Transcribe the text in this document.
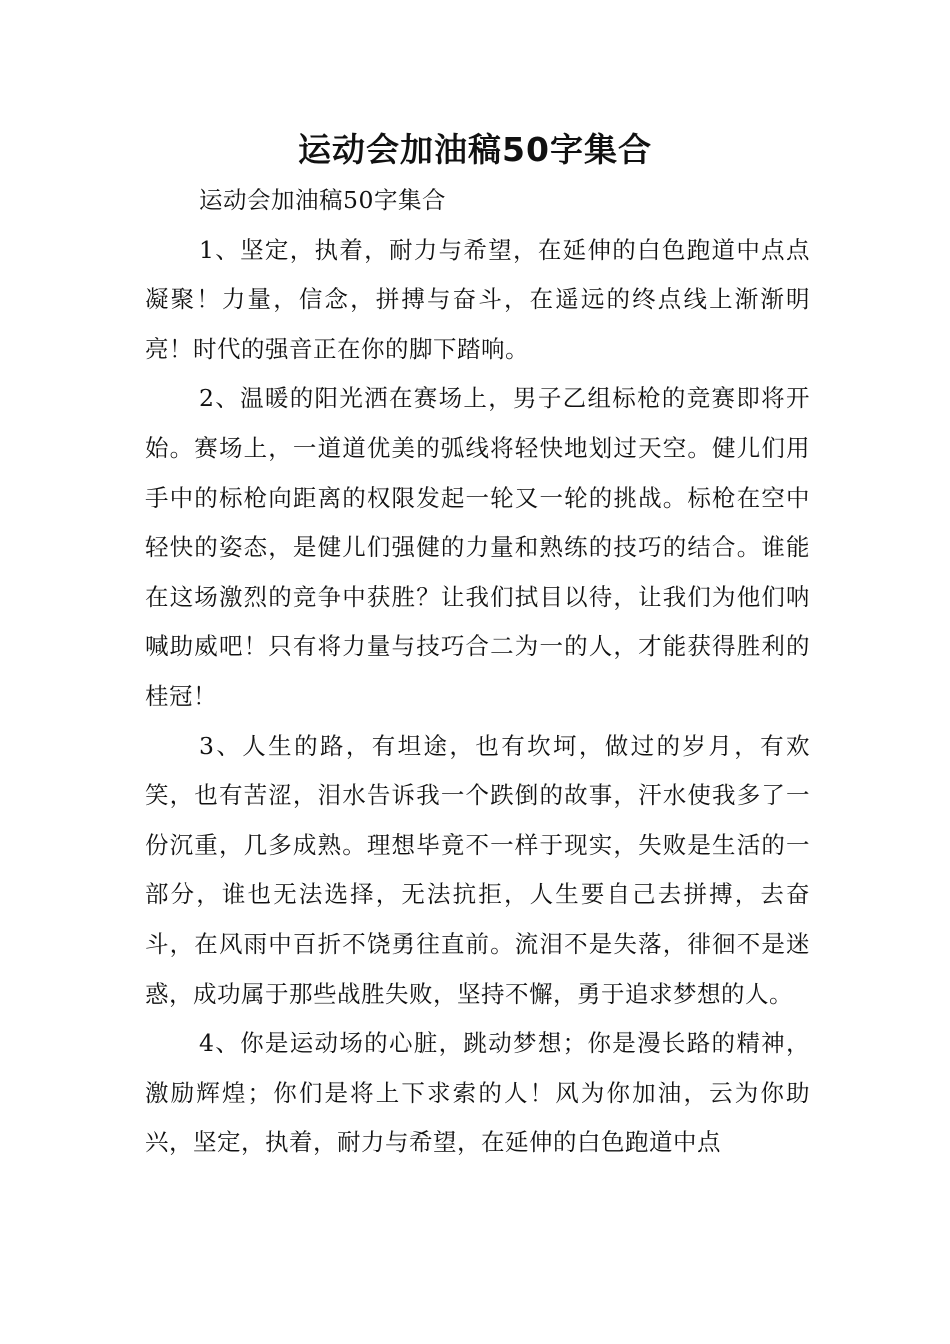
运动会加油稿50字集合

运动会加油稿50字集合

1、坚定，执着，耐力与希望，在延伸的白色跑道中点点凝聚！力量，信念，拼搏与奋斗，在遥远的终点线上渐渐明亮！时代的强音正在你的脚下踏响。

2、温暖的阳光洒在赛场上，男子乙组标枪的竞赛即将开始。赛场上，一道道优美的弧线将轻快地划过天空。健儿们用手中的标枪向距离的权限发起一轮又一轮的挑战。标枪在空中轻快的姿态，是健儿们强健的力量和熟练的技巧的结合。谁能在这场激烈的竞争中获胜？让我们拭目以待，让我们为他们呐喊助威吧！只有将力量与技巧合二为一的人，才能获得胜利的桂冠！

3、人生的路，有坦途，也有坎坷，做过的岁月，有欢笑，也有苦涩，泪水告诉我一个跌倒的故事，汗水使我多了一份沉重，几多成熟。理想毕竟不一样于现实，失败是生活的一部分，谁也无法选择，无法抗拒，人生要自己去拼搏，去奋斗，在风雨中百折不饶勇往直前。流泪不是失落，徘徊不是迷惑，成功属于那些战胜失败，坚持不懈，勇于追求梦想的人。

4、你是运动场的心脏，跳动梦想；你是漫长路的精神，激励辉煌；你们是将上下求索的人！风为你加油，云为你助兴，坚定，执着，耐力与希望，在延伸的白色跑道中点
